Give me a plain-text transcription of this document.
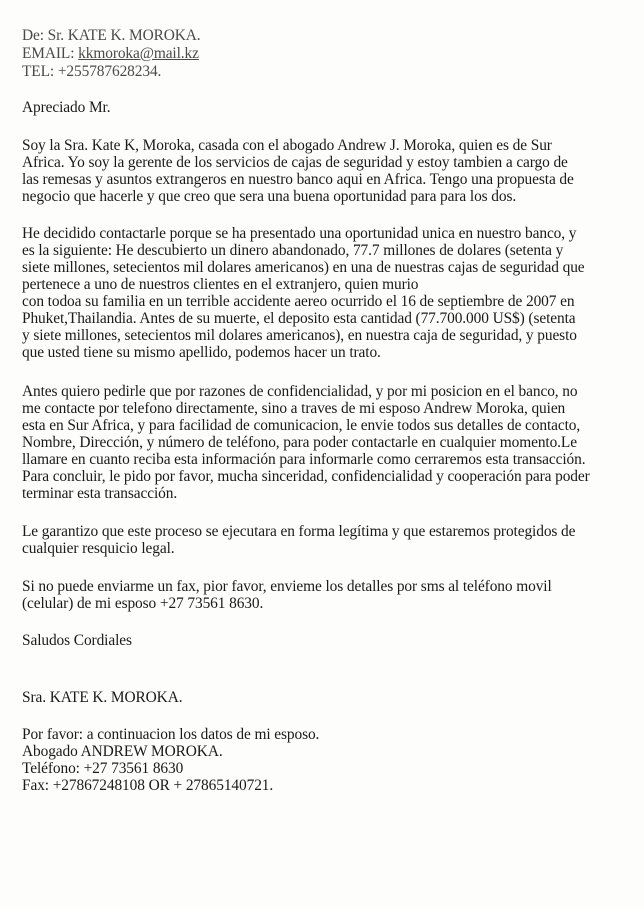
De: Sr. KATE K. MOROKA.
EMAIL: kkmoroka@mail.kz
TEL: +255787628234.
Apreciado Mr.
Soy la Sra. Kate K, Moroka, casada con el abogado Andrew J. Moroka, quien es de Sur
Africa. Yo soy la gerente de los servicios de cajas de seguridad y estoy tambien a cargo de
las remesas y asuntos extrangeros en nuestro banco aqui en Africa. Tengo una propuesta de
negocio que hacerle y que creo que sera una buena oportunidad para para los dos.
He decidido contactarle porque se ha presentado una oportunidad unica en nuestro banco, y
es la siguiente: He descubierto un dinero abandonado, 77.7 millones de dolares (setenta y
siete millones, setecientos mil dolares americanos) en una de nuestras cajas de seguridad que
pertenece a uno de nuestros clientes en el extranjero, quien murio
con todoa su familia en un terrible accidente aereo ocurrido el 16 de septiembre de 2007 en
Phuket,Thailandia. Antes de su muerte, el deposito esta cantidad (77.700.000 US$) (setenta
y siete millones, setecientos mil dolares americanos), en nuestra caja de seguridad, y puesto
que usted tiene su mismo apellido, podemos hacer un trato.
Antes quiero pedirle que por razones de confidencialidad, y por mi posicion en el banco, no
me contacte por telefono directamente, sino a traves de mi esposo Andrew Moroka, quien
esta en Sur Africa, y para facilidad de comunicacion, le envie todos sus detalles de contacto,
Nombre, Dirección, y número de teléfono, para poder contactarle en cualquier momento.Le
llamare en cuanto reciba esta información para informarle como cerraremos esta transacción.
Para concluir, le pido por favor, mucha sinceridad, confidencialidad y cooperación para poder
terminar esta transacción.
Le garantizo que este proceso se ejecutara en forma legítima y que estaremos protegidos de
cualquier resquicio legal.
Si no puede enviarme un fax, pior favor, envieme los detalles por sms al teléfono movil
(celular) de mi esposo +27 73561 8630.
Saludos Cordiales
Sra. KATE K. MOROKA.
Por favor: a continuacion los datos de mi esposo.
Abogado ANDREW MOROKA.
Teléfono: +27 73561 8630
Fax: +27867248108 OR + 27865140721.
